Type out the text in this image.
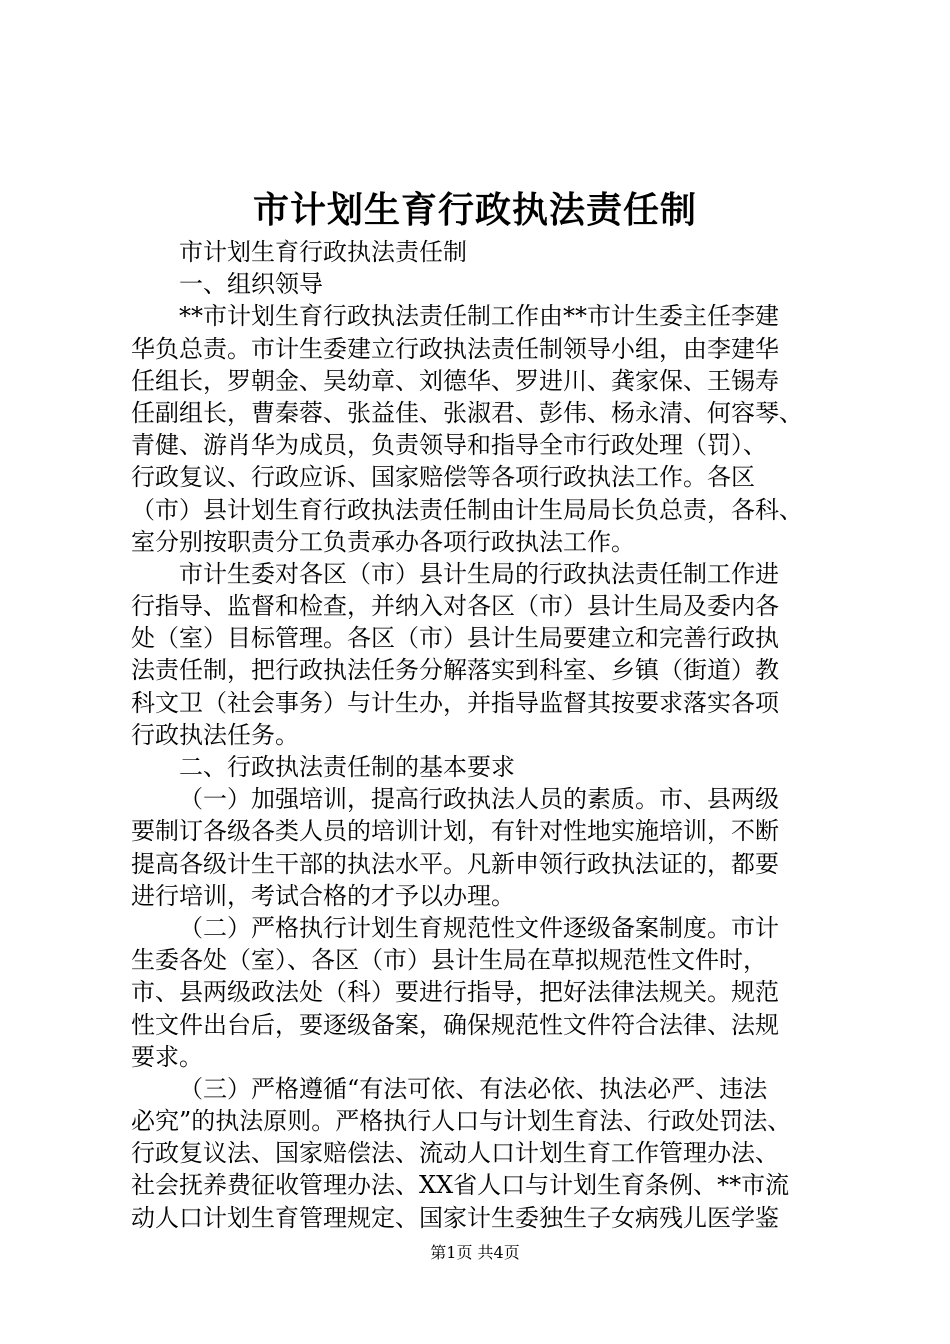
市计划生育行政执法责任制
市计划生育行政执法责任制
一、组织领导
**市计划生育行政执法责任制工作由**市计生委主任李建
华负总责。市计生委建立行政执法责任制领导小组，由李建华
任组长，罗朝金、吴幼章、刘德华、罗进川、龚家保、王锡寿
任副组长，曹秦蓉、张益佳、张淑君、彭伟、杨永清、何容琴、
青健、游肖华为成员，负责领导和指导全市行政处理（罚）、
行政复议、行政应诉、国家赔偿等各项行政执法工作。各区
（市）县计划生育行政执法责任制由计生局局长负总责，各科、
室分别按职责分工负责承办各项行政执法工作。
市计生委对各区（市）县计生局的行政执法责任制工作进
行指导、监督和检查，并纳入对各区（市）县计生局及委内各
处（室）目标管理。各区（市）县计生局要建立和完善行政执
法责任制，把行政执法任务分解落实到科室、乡镇（街道）教
科文卫（社会事务）与计生办，并指导监督其按要求落实各项
行政执法任务。
二、行政执法责任制的基本要求
（一）加强培训，提高行政执法人员的素质。市、县两级
要制订各级各类人员的培训计划，有针对性地实施培训，不断
提高各级计生干部的执法水平。凡新申领行政执法证的，都要
进行培训，考试合格的才予以办理。
（二）严格执行计划生育规范性文件逐级备案制度。市计
生委各处（室）、各区（市）县计生局在草拟规范性文件时，
市、县两级政法处（科）要进行指导，把好法律法规关。规范
性文件出台后，要逐级备案，确保规范性文件符合法律、法规
要求。
（三）严格遵循“有法可依、有法必依、执法必严、违法
必究”的执法原则。严格执行人口与计划生育法、行政处罚法、
行政复议法、国家赔偿法、流动人口计划生育工作管理办法、
社会抚养费征收管理办法、XX省人口与计划生育条例、**市流
动人口计划生育管理规定、国家计生委独生子女病残儿医学鉴
第1页 共4页
